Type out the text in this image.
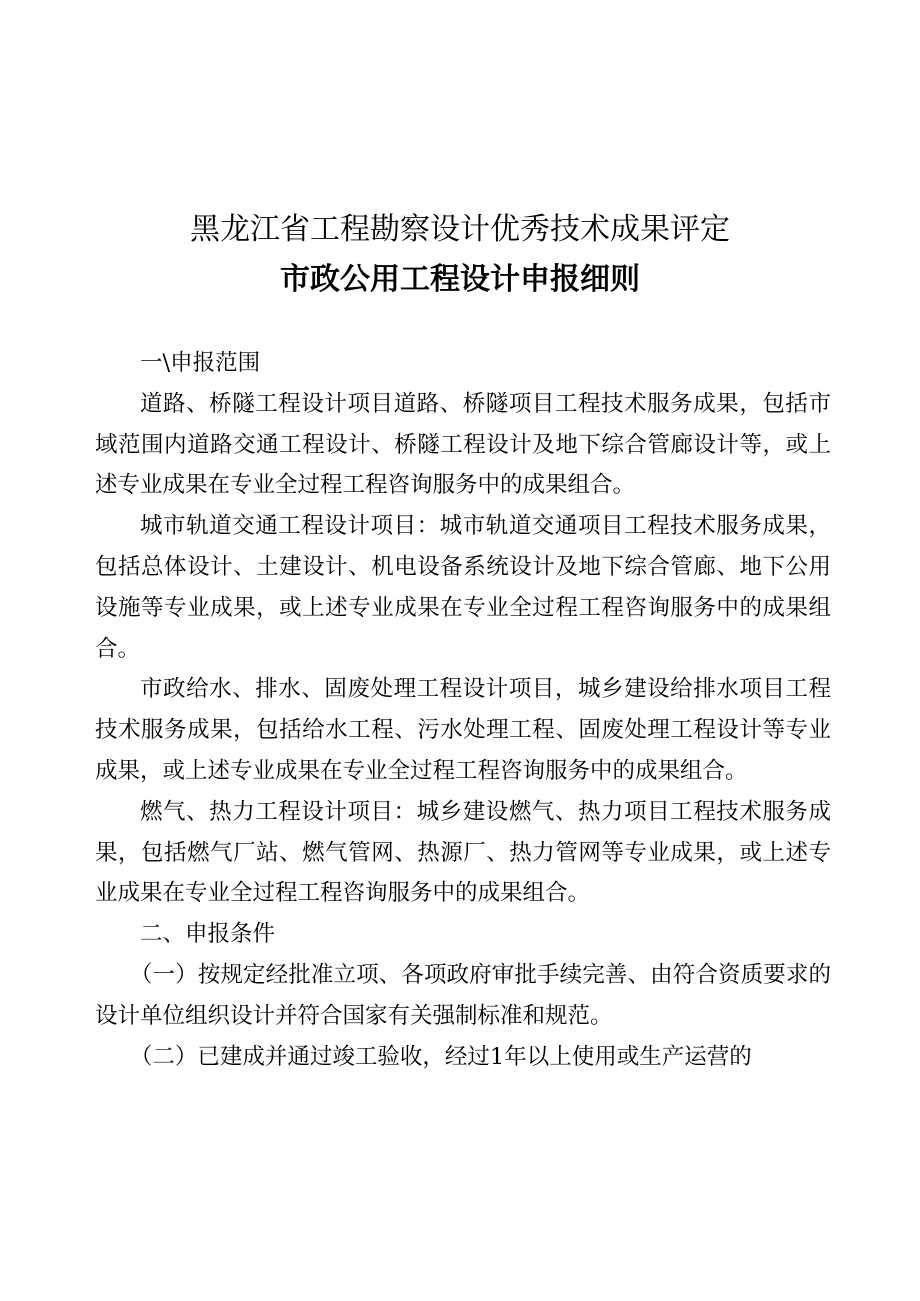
黑龙江省工程勘察设计优秀技术成果评定
市政公用工程设计申报细则

一\申报范围

道路、桥隧工程设计项目道路、桥隧项目工程技术服务成果，包括市域范围内道路交通工程设计、桥隧工程设计及地下综合管廊设计等，或上述专业成果在专业全过程工程咨询服务中的成果组合。

城市轨道交通工程设计项目：城市轨道交通项目工程技术服务成果，包括总体设计、土建设计、机电设备系统设计及地下综合管廊、地下公用设施等专业成果，或上述专业成果在专业全过程工程咨询服务中的成果组合。

市政给水、排水、固废处理工程设计项目，城乡建设给排水项目工程技术服务成果，包括给水工程、污水处理工程、固废处理工程设计等专业成果，或上述专业成果在专业全过程工程咨询服务中的成果组合。

燃气、热力工程设计项目：城乡建设燃气、热力项目工程技术服务成果，包括燃气厂站、燃气管网、热源厂、热力管网等专业成果，或上述专业成果在专业全过程工程咨询服务中的成果组合。

二、申报条件

（一）按规定经批准立项、各项政府审批手续完善、由符合资质要求的设计单位组织设计并符合国家有关强制标准和规范。

（二）已建成并通过竣工验收，经过1年以上使用或生产运营的
